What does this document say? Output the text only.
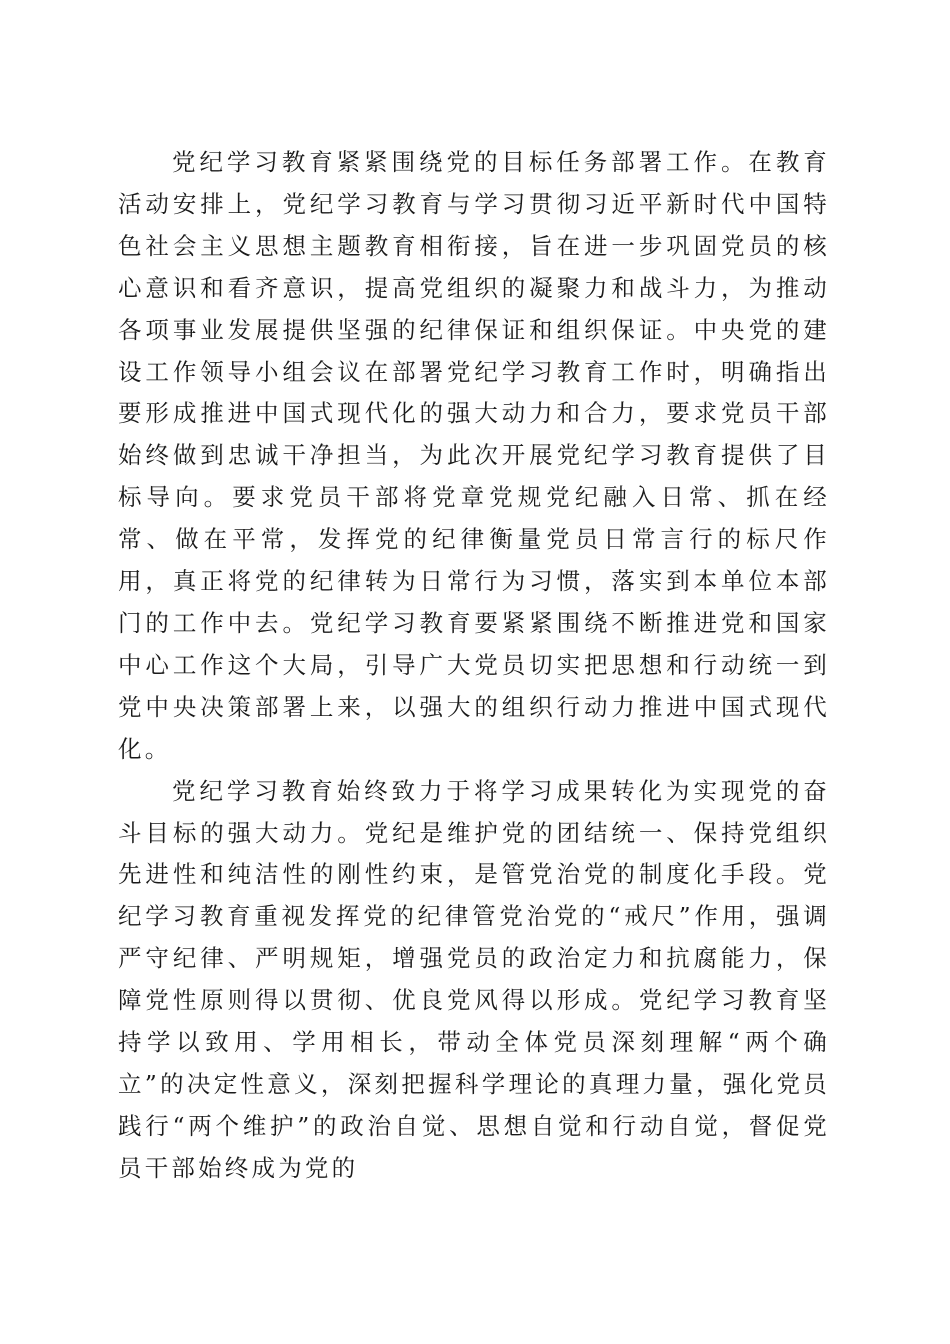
党纪学习教育紧紧围绕党的目标任务部署工作。在教育活动安排上，党纪学习教育与学习贯彻习近平新时代中国特色社会主义思想主题教育相衔接，旨在进一步巩固党员的核心意识和看齐意识，提高党组织的凝聚力和战斗力，为推动各项事业发展提供坚强的纪律保证和组织保证。中央党的建设工作领导小组会议在部署党纪学习教育工作时，明确指出要形成推进中国式现代化的强大动力和合力，要求党员干部始终做到忠诚干净担当，为此次开展党纪学习教育提供了目标导向。要求党员干部将党章党规党纪融入日常、抓在经常、做在平常，发挥党的纪律衡量党员日常言行的标尺作用，真正将党的纪律转为日常行为习惯，落实到本单位本部门的工作中去。党纪学习教育要紧紧围绕不断推进党和国家中心工作这个大局，引导广大党员切实把思想和行动统一到党中央决策部署上来，以强大的组织行动力推进中国式现代化。

党纪学习教育始终致力于将学习成果转化为实现党的奋斗目标的强大动力。党纪是维护党的团结统一、保持党组织先进性和纯洁性的刚性约束，是管党治党的制度化手段。党纪学习教育重视发挥党的纪律管党治党的“戒尺”作用，强调严守纪律、严明规矩，增强党员的政治定力和抗腐能力，保障党性原则得以贯彻、优良党风得以形成。党纪学习教育坚持学以致用、学用相长，带动全体党员深刻理解“两个确立”的决定性意义，深刻把握科学理论的真理力量，强化党员践行“两个维护”的政治自觉、思想自觉和行动自觉，督促党员干部始终成为党的
